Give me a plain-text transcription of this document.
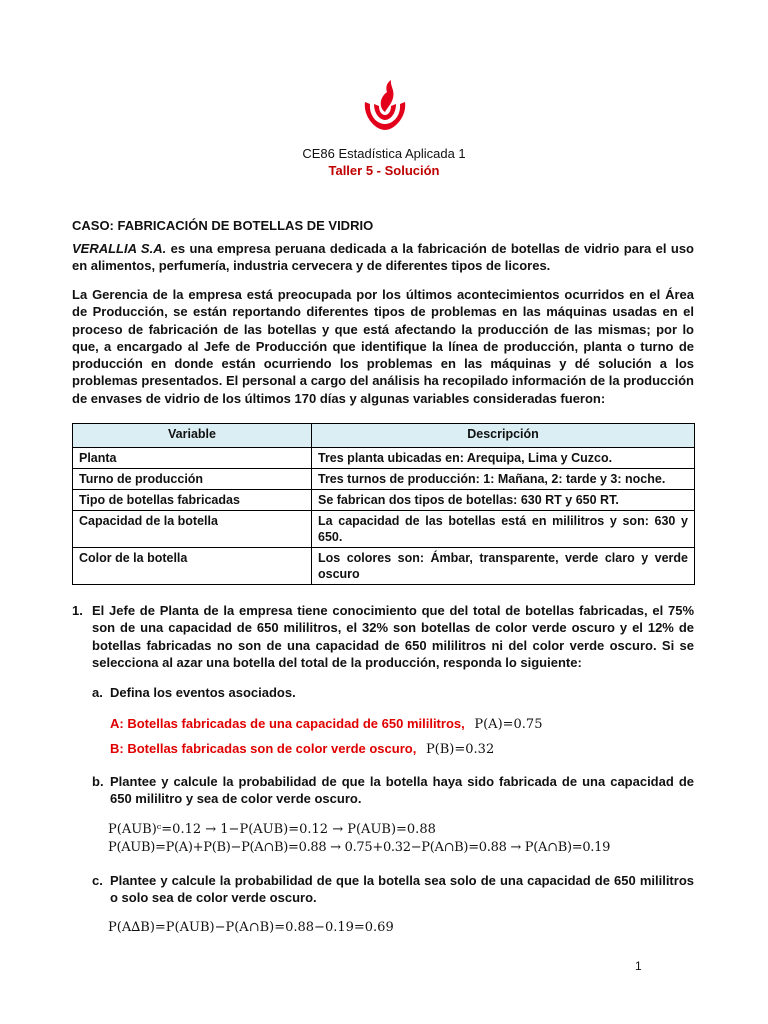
CE86 Estadística Aplicada 1
Taller 5 - Solución
CASO: FABRICACIÓN DE BOTELLAS DE VIDRIO
VERALLIA S.A. es una empresa peruana dedicada a la fabricación de botellas de vidrio para el uso en alimentos, perfumería, industria cervecera y de diferentes tipos de licores.
La Gerencia de la empresa está preocupada por los últimos acontecimientos ocurridos en el Área de Producción, se están reportando diferentes tipos de problemas en las máquinas usadas en el proceso de fabricación de las botellas y que está afectando la producción de las mismas; por lo que, a encargado al Jefe de Producción que identifique la línea de producción, planta o turno de producción en donde están ocurriendo los problemas en las máquinas y dé solución a los problemas presentados. El personal a cargo del análisis ha recopilado información de la producción de envases de vidrio de los últimos 170 días y algunas variables consideradas fueron:
Variable	Descripción
Planta	Tres planta ubicadas en: Arequipa, Lima y Cuzco.
Turno de producción	Tres turnos de producción: 1: Mañana, 2: tarde y 3: noche.
Tipo de botellas fabricadas	Se fabrican dos tipos de botellas: 630 RT y 650 RT.
Capacidad de la botella	La capacidad de las botellas está en mililitros y son: 630 y 650.
Color de la botella	Los colores son: Ámbar, transparente, verde claro y verde oscuro
1. El Jefe de Planta de la empresa tiene conocimiento que del total de botellas fabricadas, el 75% son de una capacidad de 650 mililitros, el 32% son botellas de color verde oscuro y el 12% de botellas fabricadas no son de una capacidad de 650 mililitros ni del color verde oscuro. Si se selecciona al azar una botella del total de la producción, responda lo siguiente:
a. Defina los eventos asociados.
A: Botellas fabricadas de una capacidad de 650 mililitros, P(A)=0.75
B: Botellas fabricadas son de color verde oscuro, P(B)=0.32
b. Plantee y calcule la probabilidad de que la botella haya sido fabricada de una capacidad de 650 mililitro y sea de color verde oscuro.
P(AUB)ᶜ=0.12 → 1−P(AUB)=0.12 → P(AUB)=0.88
P(AUB)=P(A)+P(B)−P(A∩B)=0.88 → 0.75+0.32−P(A∩B)=0.88 → P(A∩B)=0.19
c. Plantee y calcule la probabilidad de que la botella sea solo de una capacidad de 650 mililitros o solo sea de color verde oscuro.
P(A∆B)=P(AUB)−P(A∩B)=0.88−0.19=0.69
1
